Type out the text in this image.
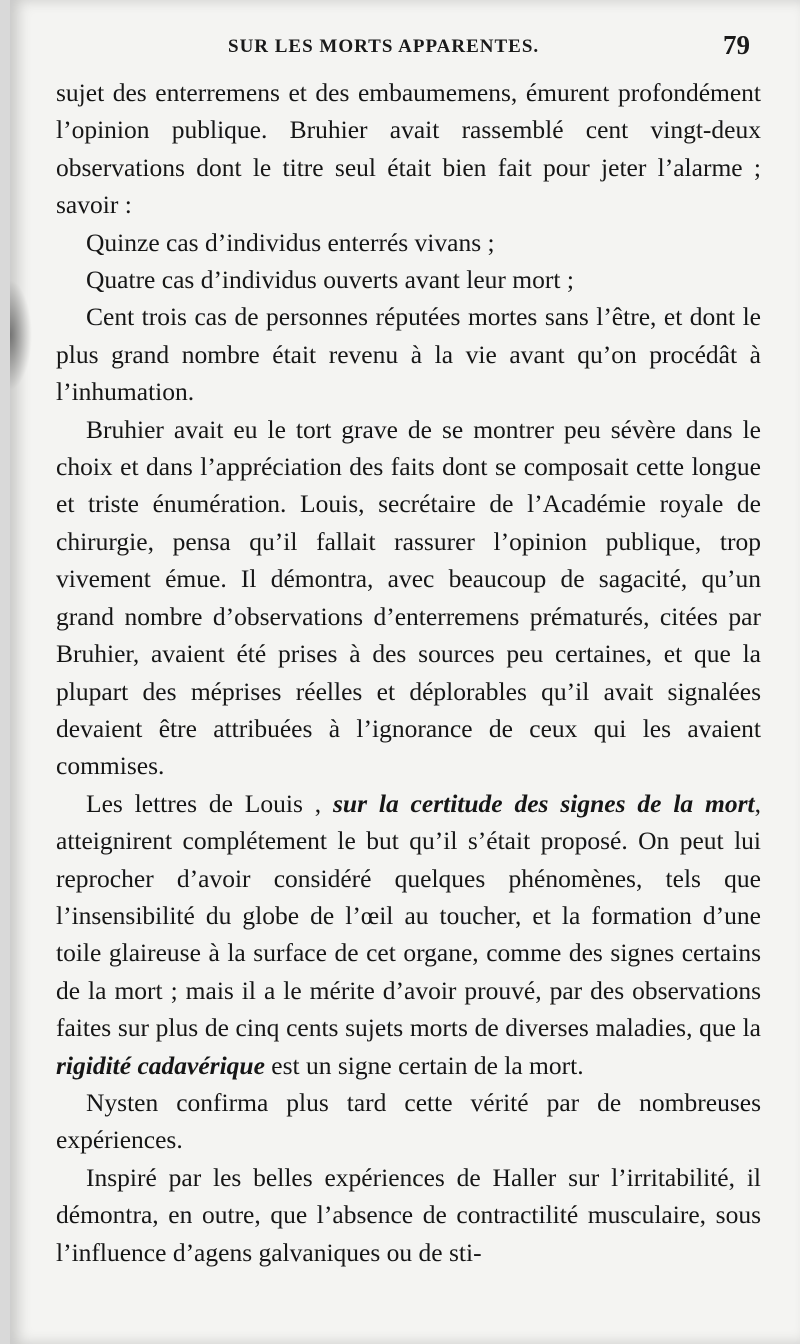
SUR LES MORTS APPARENTES.	79

sujet des enterremens et des embaumemens, émurent profondément l’opinion publique. Bruhier avait rassemblé cent vingt-deux observations dont le titre seul était bien fait pour jeter l’alarme ; savoir :

Quinze cas d’individus enterrés vivans ;

Quatre cas d’individus ouverts avant leur mort ;

Cent trois cas de personnes réputées mortes sans l’être, et dont le plus grand nombre était revenu à la vie avant qu’on procédât à l’inhumation.

Bruhier avait eu le tort grave de se montrer peu sévère dans le choix et dans l’appréciation des faits dont se composait cette longue et triste énumération. Louis, secrétaire de l’Académie royale de chirurgie, pensa qu’il fallait rassurer l’opinion publique, trop vivement émue. Il démontra, avec beaucoup de sagacité, qu’un grand nombre d’observations d’enterremens prématurés, citées par Bruhier, avaient été prises à des sources peu certaines, et que la plupart des méprises réelles et déplorables qu’il avait signalées devaient être attribuées à l’ignorance de ceux qui les avaient commises.

Les lettres de Louis , sur la certitude des signes de la mort, atteignirent complétement le but qu’il s’était proposé. On peut lui reprocher d’avoir considéré quelques phénomènes, tels que l’insensibilité du globe de l’œil au toucher, et la formation d’une toile glaireuse à la surface de cet organe, comme des signes certains de la mort ; mais il a le mérite d’avoir prouvé, par des observations faites sur plus de cinq cents sujets morts de diverses maladies, que la rigidité cadavérique est un signe certain de la mort.

Nysten confirma plus tard cette vérité par de nombreuses expériences.

Inspiré par les belles expériences de Haller sur l’irritabilité, il démontra, en outre, que l’absence de contractilité musculaire, sous l’influence d’agens galvaniques ou de sti-
